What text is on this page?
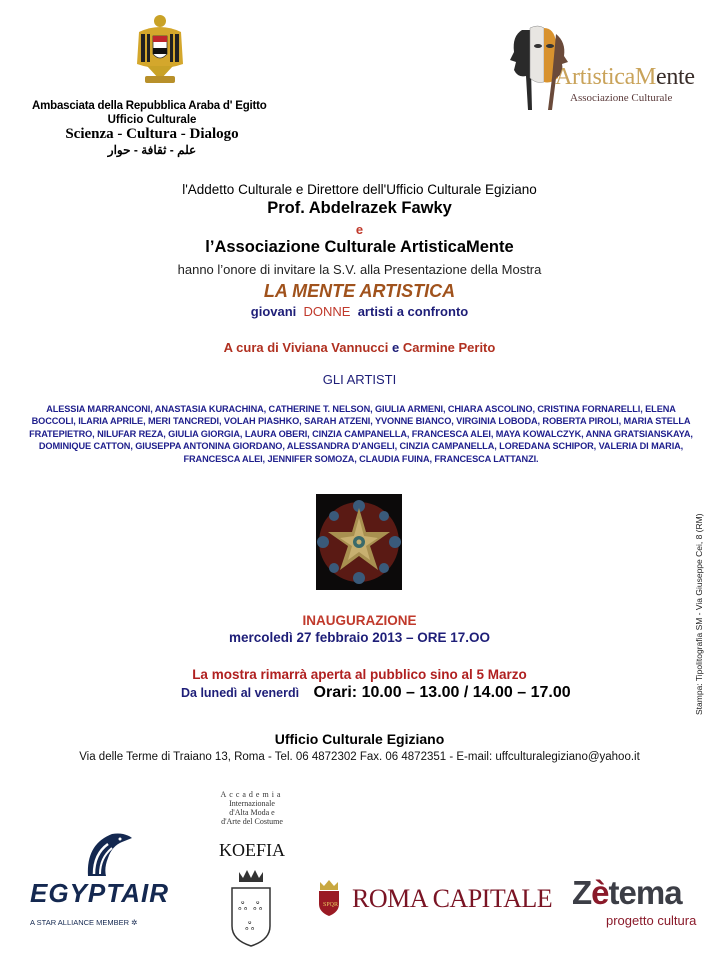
Ambasciata della Repubblica Araba d' Egitto
Ufficio Culturale
Scienza - Cultura - Dialogo
علم - ثقافة - حوار
ArtisticaMente
Associazione Culturale
l'Addetto Culturale e Direttore dell'Ufficio Culturale Egiziano
Prof. Abdelrazek Fawky
e
l’Associazione Culturale ArtisticaMente
hanno l’onore di invitare la S.V. alla Presentazione della Mostra
LA MENTE ARTISTICA
giovani DONNE artisti a confronto
A cura di Viviana Vannucci e Carmine Perito
GLI ARTISTI
ALESSIA MARRANCONI, ANASTASIA KURACHINA, CATHERINE T. NELSON, GIULIA ARMENI, CHIARA ASCOLINO, CRISTINA FORNARELLI, ELENA BOCCOLI, ILARIA APRILE, MERI TANCREDI, VOLAH PIASHKO, SARAH ATZENI, YVONNE BIANCO, VIRGINIA LOBODA, ROBERTA PIROLI, MARIA STELLA FRATEPIETRO, NILUFAR REZA, GIULIA GIORGIA, LAURA OBERI, CINZIA CAMPANELLA, FRANCESCA ALEI, MAYA KOWALCZYK, ANNA GRATSIANSKAYA, DOMINIQUE CATTON, GIUSEPPA ANTONINA GIORDANO, ALESSANDRA D'ANGELI, CINZIA CAMPANELLA, LOREDANA SCHIPOR, VALERIA DI MARIA, FRANCESCA ALEI, JENNIFER SOMOZA, CLAUDIA FUINA, FRANCESCA LATTANZI.
Stampa: Tipolitografia SM - Via Giuseppe Cei, 8 (RM)
INAUGURAZIONE
mercoledì 27 febbraio 2013 – ORE 17.OO
La mostra rimarrà aperta al pubblico sino al 5 Marzo
Da lunedì al venerdì Orari: 10.00 – 13.00 / 14.00 – 17.00
Ufficio Culturale Egiziano
Via delle Terme di Traiano 13, Roma - Tel. 06 4872302 Fax. 06 4872351 - E-mail: uffculturalegiziano@yahoo.it
EGYPTAIR
A STAR ALLIANCE MEMBER ✲
Accademia
Internazionale
d'Alta Moda e
d'Arte del Costume
KOEFIA
ஃ ஃ
ஃ
SPQR ROMA CAPITALE Zètema
progetto cultura
